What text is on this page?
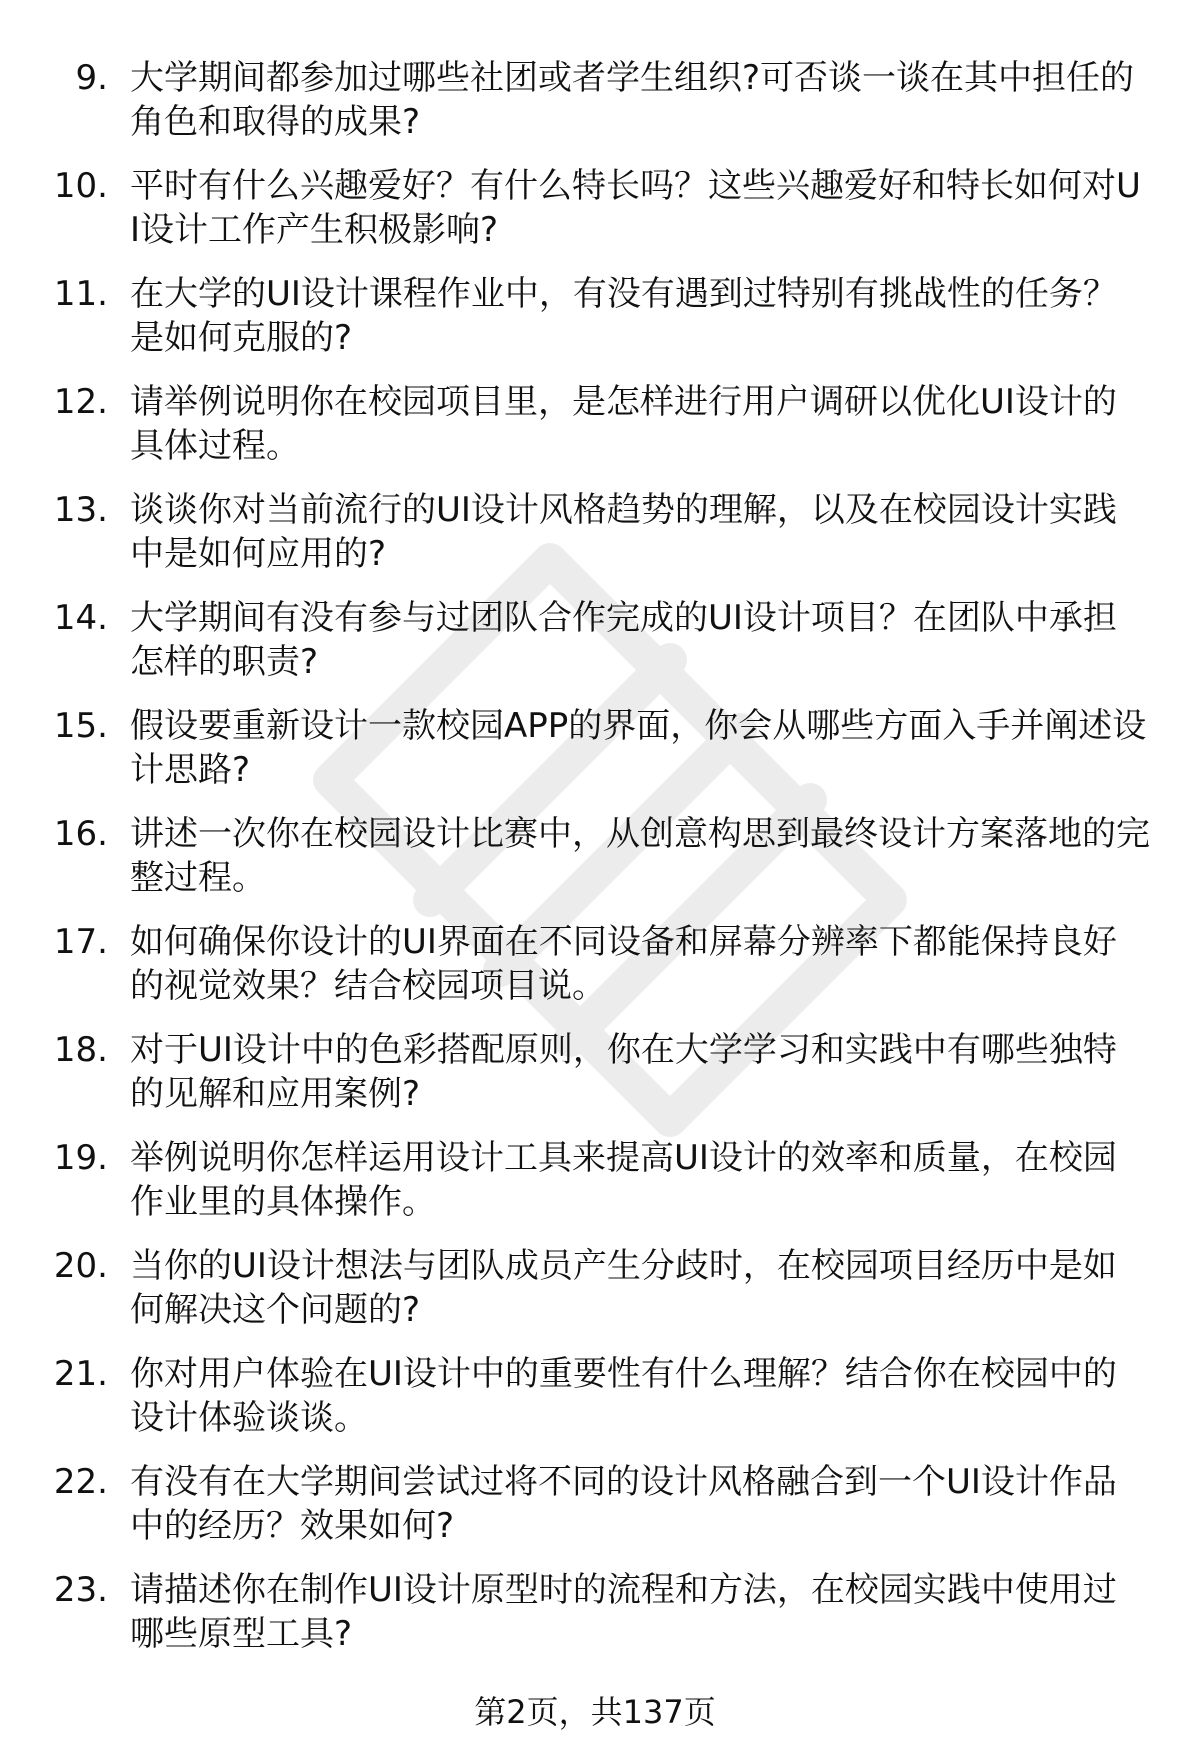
9. 大学期间都参加过哪些社团或者学生组织?可否谈一谈在其中担任的角色和取得的成果?
10. 平时有什么兴趣爱好？有什么特长吗？这些兴趣爱好和特长如何对UI设计工作产生积极影响?
11. 在大学的UI设计课程作业中，有没有遇到过特别有挑战性的任务？是如何克服的?
12. 请举例说明你在校园项目里，是怎样进行用户调研以优化UI设计的具体过程。
13. 谈谈你对当前流行的UI设计风格趋势的理解，以及在校园设计实践中是如何应用的?
14. 大学期间有没有参与过团队合作完成的UI设计项目？在团队中承担怎样的职责?
15. 假设要重新设计一款校园APP的界面，你会从哪些方面入手并阐述设计思路?
16. 讲述一次你在校园设计比赛中，从创意构思到最终设计方案落地的完整过程。
17. 如何确保你设计的UI界面在不同设备和屏幕分辨率下都能保持良好的视觉效果？结合校园项目说。
18. 对于UI设计中的色彩搭配原则，你在大学学习和实践中有哪些独特的见解和应用案例?
19. 举例说明你怎样运用设计工具来提高UI设计的效率和质量，在校园作业里的具体操作。
20. 当你的UI设计想法与团队成员产生分歧时，在校园项目经历中是如何解决这个问题的?
21. 你对用户体验在UI设计中的重要性有什么理解？结合你在校园中的设计体验谈谈。
22. 有没有在大学期间尝试过将不同的设计风格融合到一个UI设计作品中的经历？效果如何?
23. 请描述你在制作UI设计原型时的流程和方法，在校园实践中使用过哪些原型工具?
第2页，共137页
